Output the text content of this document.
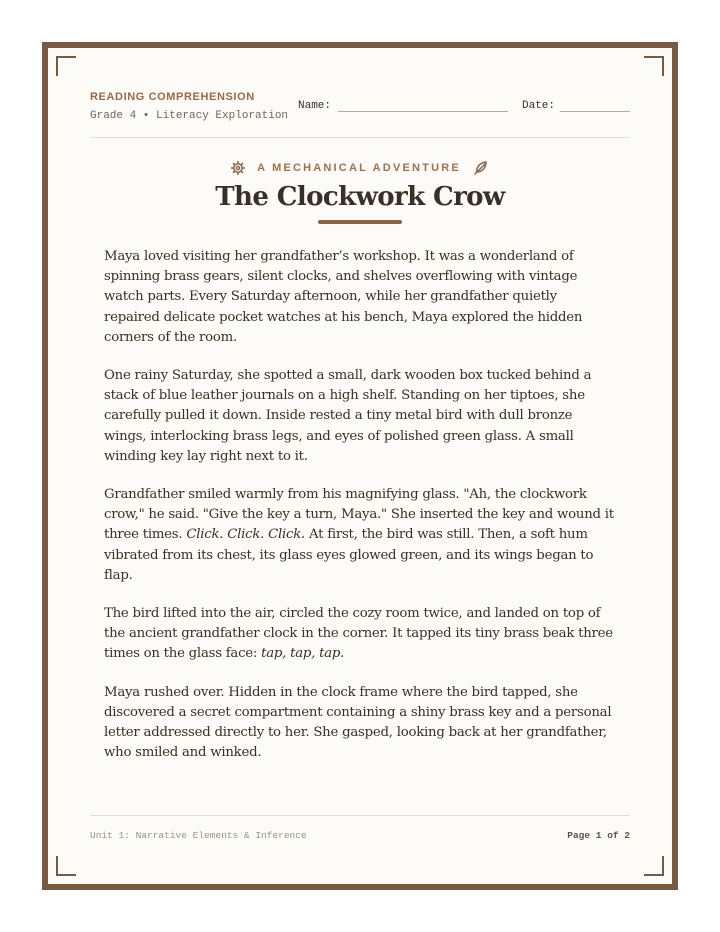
READING COMPREHENSION
Grade 4 • Literacy Exploration
Name:	Date:
A MECHANICAL ADVENTURE
The Clockwork Crow

Maya loved visiting her grandfather’s workshop. It was a wonderland of spinning brass gears, silent clocks, and shelves overflowing with vintage watch parts. Every Saturday afternoon, while her grandfather quietly repaired delicate pocket watches at his bench, Maya explored the hidden corners of the room.

One rainy Saturday, she spotted a small, dark wooden box tucked behind a stack of blue leather journals on a high shelf. Standing on her tiptoes, she carefully pulled it down. Inside rested a tiny metal bird with dull bronze wings, interlocking brass legs, and eyes of polished green glass. A small winding key lay right next to it.

Grandfather smiled warmly from his magnifying glass. "Ah, the clockwork crow," he said. "Give the key a turn, Maya." She inserted the key and wound it three times. Click. Click. Click. At first, the bird was still. Then, a soft hum vibrated from its chest, its glass eyes glowed green, and its wings began to flap.

The bird lifted into the air, circled the cozy room twice, and landed on top of the ancient grandfather clock in the corner. It tapped its tiny brass beak three times on the glass face: tap, tap, tap.

Maya rushed over. Hidden in the clock frame where the bird tapped, she discovered a secret compartment containing a shiny brass key and a personal letter addressed directly to her. She gasped, looking back at her grandfather, who smiled and winked.

Unit 1: Narrative Elements & Inference	Page 1 of 2
